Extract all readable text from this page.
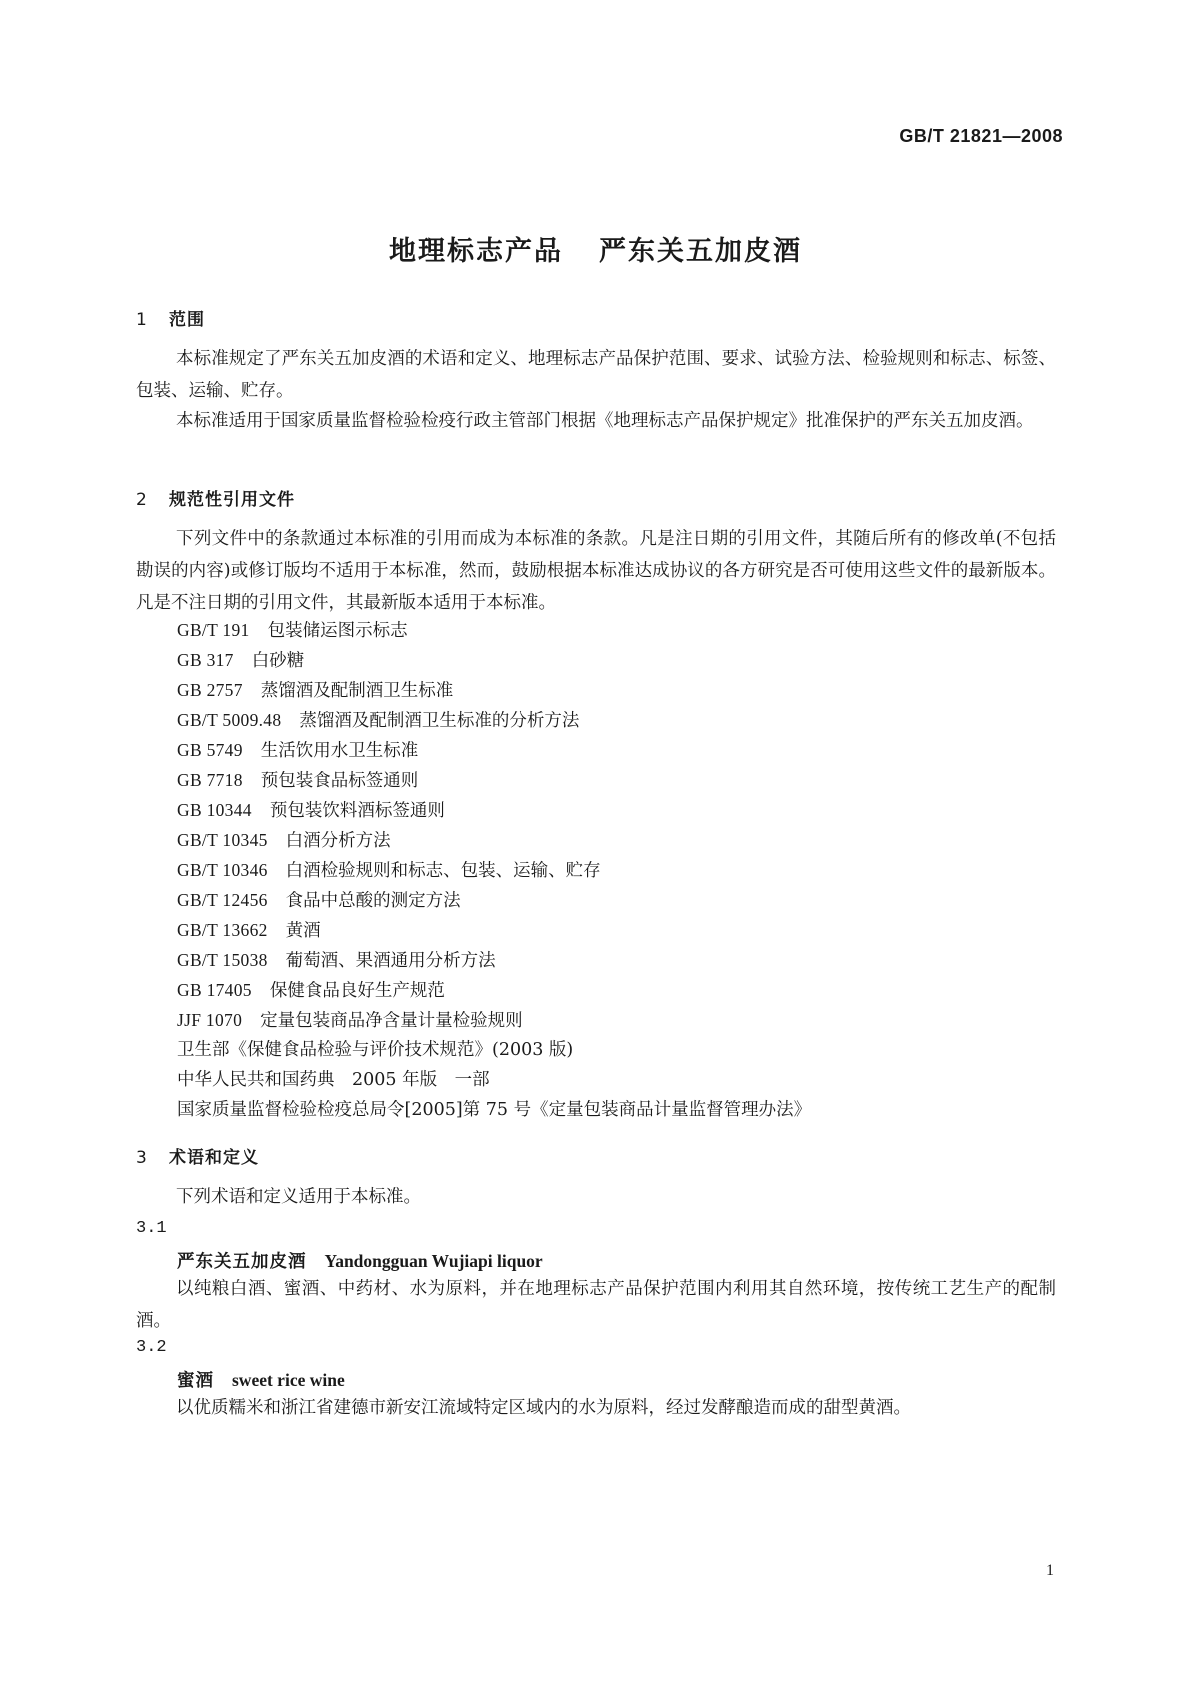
GB/T 21821—2008
地理标志产品 严东关五加皮酒
1 范围
本标准规定了严东关五加皮酒的术语和定义、地理标志产品保护范围、要求、试验方法、检验规则和标志、标签、包装、运输、贮存。
本标准适用于国家质量监督检验检疫行政主管部门根据《地理标志产品保护规定》批准保护的严东关五加皮酒。
2 规范性引用文件
下列文件中的条款通过本标准的引用而成为本标准的条款。凡是注日期的引用文件，其随后所有的修改单(不包括勘误的内容)或修订版均不适用于本标准，然而，鼓励根据本标准达成协议的各方研究是否可使用这些文件的最新版本。凡是不注日期的引用文件，其最新版本适用于本标准。
GB/T 191 包装储运图示标志
GB 317 白砂糖
GB 2757 蒸馏酒及配制酒卫生标准
GB/T 5009.48 蒸馏酒及配制酒卫生标准的分析方法
GB 5749 生活饮用水卫生标准
GB 7718 预包装食品标签通则
GB 10344 预包装饮料酒标签通则
GB/T 10345 白酒分析方法
GB/T 10346 白酒检验规则和标志、包装、运输、贮存
GB/T 12456 食品中总酸的测定方法
GB/T 13662 黄酒
GB/T 15038 葡萄酒、果酒通用分析方法
GB 17405 保健食品良好生产规范
JJF 1070 定量包装商品净含量计量检验规则
卫生部《保健食品检验与评价技术规范》(2003 版)
中华人民共和国药典　2005 年版　一部
国家质量监督检验检疫总局令[2005]第 75 号《定量包装商品计量监督管理办法》
3 术语和定义
下列术语和定义适用于本标准。
3.1
严东关五加皮酒 Yandongguan Wujiapi liquor
以纯粮白酒、蜜酒、中药材、水为原料，并在地理标志产品保护范围内利用其自然环境，按传统工艺生产的配制酒。
3.2
蜜酒 sweet rice wine
以优质糯米和浙江省建德市新安江流域特定区域内的水为原料，经过发酵酿造而成的甜型黄酒。
1
